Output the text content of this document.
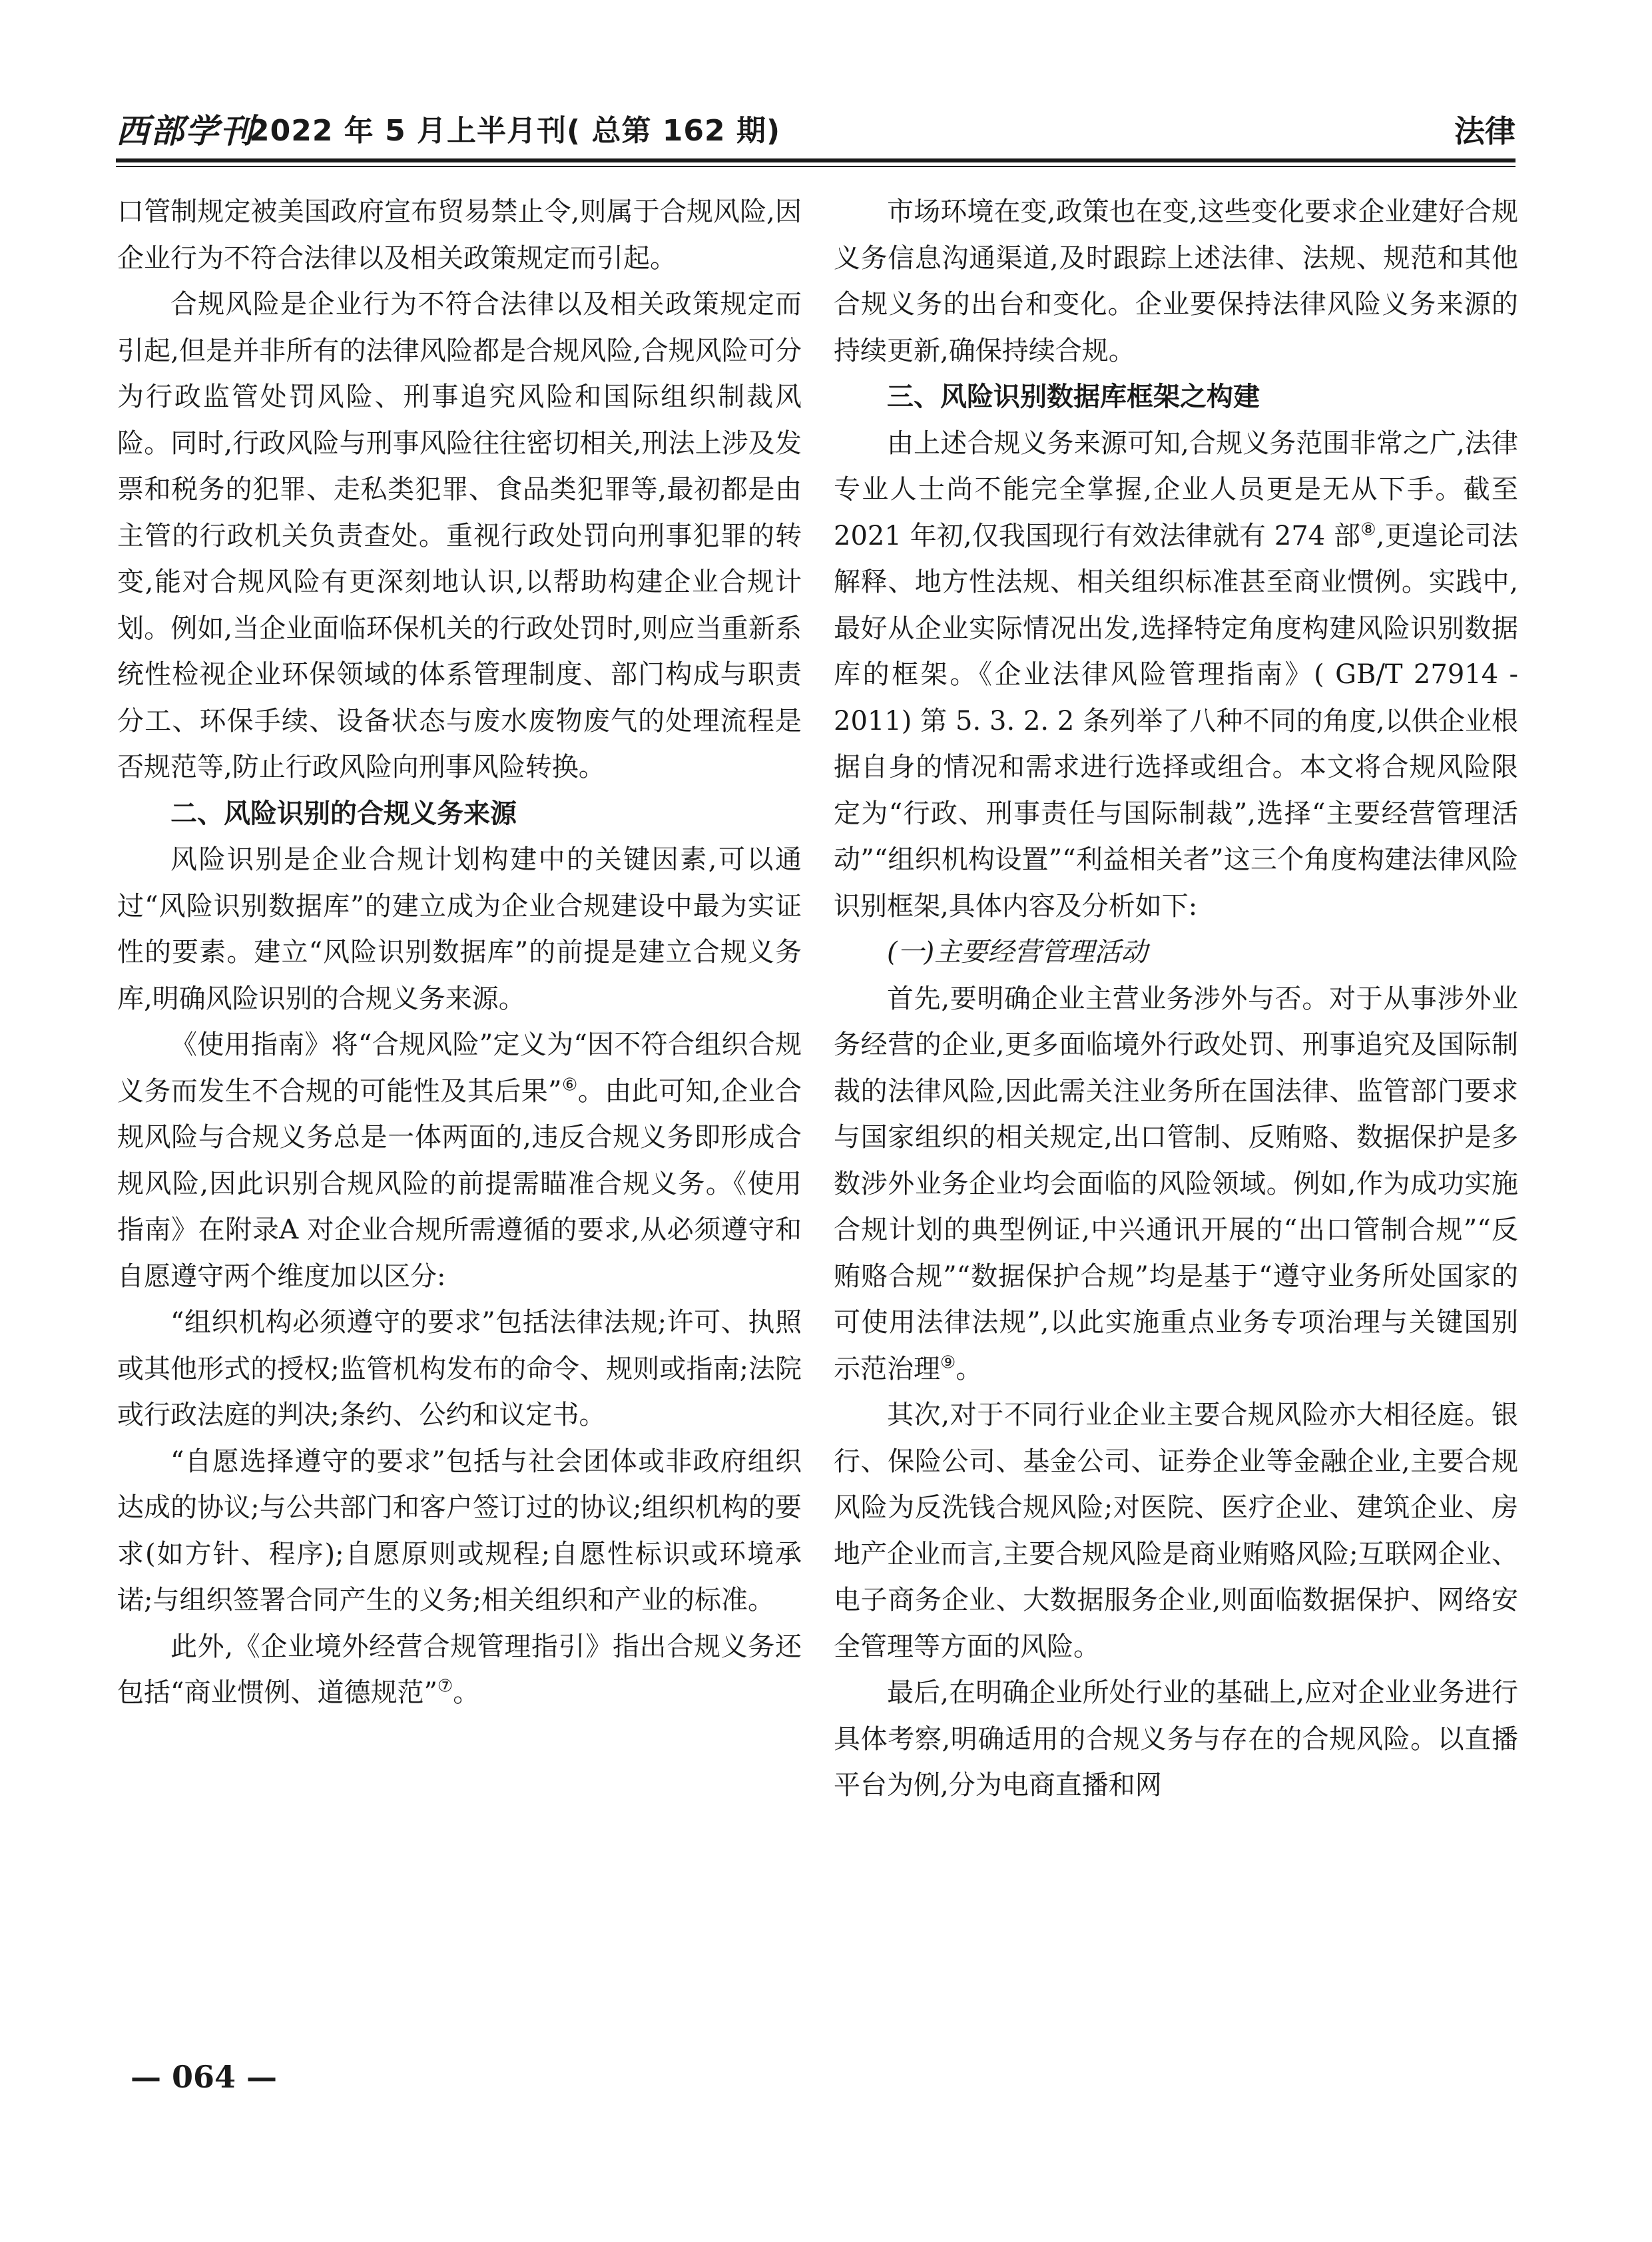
西部学刊
2022 年 5 月上半月刊( 总第 162 期)	法律

口管制规定被美国政府宣布贸易禁止令,则属于合规风险,因企业行为不符合法律以及相关政策规定而引起。

合规风险是企业行为不符合法律以及相关政策规定而引起,但是并非所有的法律风险都是合规风险,合规风险可分为行政监管处罚风险、刑事追究风险和国际组织制裁风险。同时,行政风险与刑事风险往往密切相关,刑法上涉及发票和税务的犯罪、走私类犯罪、食品类犯罪等,最初都是由主管的行政机关负责查处。重视行政处罚向刑事犯罪的转变,能对合规风险有更深刻地认识,以帮助构建企业合规计划。例如,当企业面临环保机关的行政处罚时,则应当重新系统性检视企业环保领域的体系管理制度、部门构成与职责分工、环保手续、设备状态与废水废物废气的处理流程是否规范等,防止行政风险向刑事风险转换。

二、风险识别的合规义务来源

风险识别是企业合规计划构建中的关键因素,可以通过“风险识别数据库”的建立成为企业合规建设中最为实证性的要素。建立“风险识别数据库”的前提是建立合规义务库,明确风险识别的合规义务来源。

《使用指南》将“合规风险”定义为“因不符合组织合规义务而发生不合规的可能性及其后果”⑥。由此可知,企业合规风险与合规义务总是一体两面的,违反合规义务即形成合规风险,因此识别合规风险的前提需瞄准合规义务。《使用指南》在附录A 对企业合规所需遵循的要求,从必须遵守和自愿遵守两个维度加以区分:

“组织机构必须遵守的要求”包括法律法规;许可、执照或其他形式的授权;监管机构发布的命令、规则或指南;法院或行政法庭的判决;条约、公约和议定书。

“自愿选择遵守的要求”包括与社会团体或非政府组织达成的协议;与公共部门和客户签订过的协议;组织机构的要求(如方针、程序);自愿原则或规程;自愿性标识或环境承诺;与组织签署合同产生的义务;相关组织和产业的标准。

此外,《企业境外经营合规管理指引》指出合规义务还包括“商业惯例、道德规范”⑦。

市场环境在变,政策也在变,这些变化要求企业建好合规义务信息沟通渠道,及时跟踪上述法律、法规、规范和其他合规义务的出台和变化。企业要保持法律风险义务来源的持续更新,确保持续合规。

三、风险识别数据库框架之构建

由上述合规义务来源可知,合规义务范围非常之广,法律专业人士尚不能完全掌握,企业人员更是无从下手。截至 2021 年初,仅我国现行有效法律就有 274 部⑧,更遑论司法解释、地方性法规、相关组织标准甚至商业惯例。实践中,最好从企业实际情况出发,选择特定角度构建风险识别数据库的框架。《企业法律风险管理指南》( GB/T 27914 - 2011) 第 5. 3. 2. 2 条列举了八种不同的角度,以供企业根据自身的情况和需求进行选择或组合。本文将合规风险限定为“行政、刑事责任与国际制裁”,选择“主要经营管理活动”“组织机构设置”“利益相关者”这三个角度构建法律风险识别框架,具体内容及分析如下:

(一)主要经营管理活动

首先,要明确企业主营业务涉外与否。对于从事涉外业务经营的企业,更多面临境外行政处罚、刑事追究及国际制裁的法律风险,因此需关注业务所在国法律、监管部门要求与国家组织的相关规定,出口管制、反贿赂、数据保护是多数涉外业务企业均会面临的风险领域。例如,作为成功实施合规计划的典型例证,中兴通讯开展的“出口管制合规”“反贿赂合规”“数据保护合规”均是基于“遵守业务所处国家的可使用法律法规”,以此实施重点业务专项治理与关键国别示范治理⑨。

其次,对于不同行业企业主要合规风险亦大相径庭。银行、保险公司、基金公司、证券企业等金融企业,主要合规风险为反洗钱合规风险;对医院、医疗企业、建筑企业、房地产企业而言,主要合规风险是商业贿赂风险;互联网企业、电子商务企业、大数据服务企业,则面临数据保护、网络安全管理等方面的风险。

最后,在明确企业所处行业的基础上,应对企业业务进行具体考察,明确适用的合规义务与存在的合规风险。以直播平台为例,分为电商直播和网

— 064 —
